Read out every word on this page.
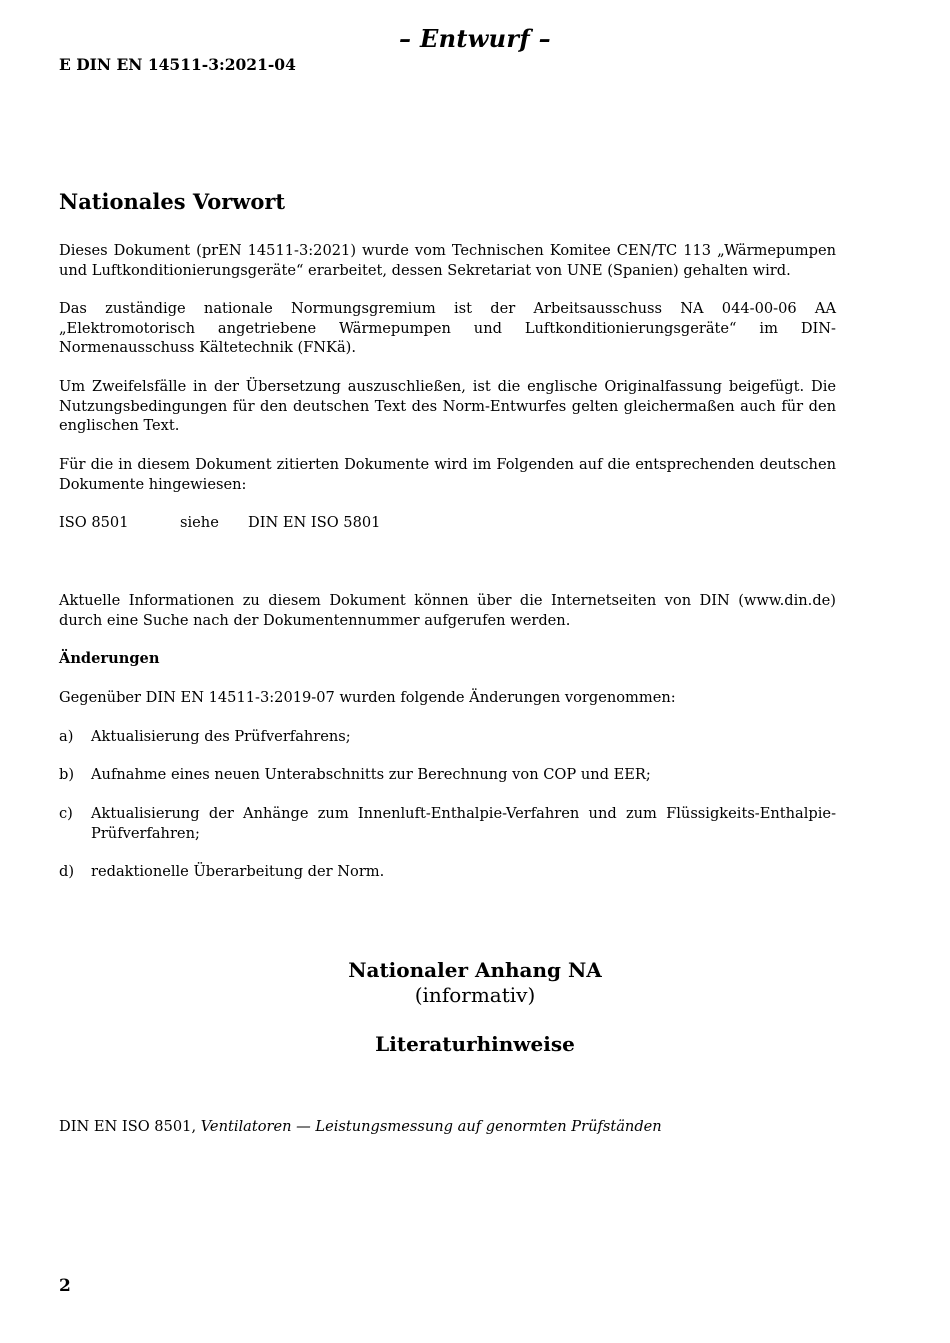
– Entwurf –
E DIN EN 14511-3:2021-04
Nationales Vorwort
Dieses Dokument (prEN 14511-3:2021) wurde vom Technischen Komitee CEN/TC 113 „Wärmepumpen und Luftkonditionierungsgeräte“ erarbeitet, dessen Sekretariat von UNE (Spanien) gehalten wird.
Das zuständige nationale Normungsgremium ist der Arbeitsausschuss NA 044-00-06 AA „Elektromotorisch angetriebene Wärmepumpen und Luftkonditionierungsgeräte“ im DIN-Normenausschuss Kältetechnik (FNKä).
Um Zweifelsfälle in der Übersetzung auszuschließen, ist die englische Originalfassung beigefügt. Die Nutzungsbedingungen für den deutschen Text des Norm-Entwurfes gelten gleichermaßen auch für den englischen Text.
Für die in diesem Dokument zitierten Dokumente wird im Folgenden auf die entsprechenden deutschen Dokumente hingewiesen:
ISO 8501	siehe DIN EN ISO 5801
Aktuelle Informationen zu diesem Dokument können über die Internetseiten von DIN (www.din.de) durch eine Suche nach der Dokumentennummer aufgerufen werden.
Änderungen
Gegenüber DIN EN 14511-3:2019-07 wurden folgende Änderungen vorgenommen:
a) Aktualisierung des Prüfverfahrens;
b) Aufnahme eines neuen Unterabschnitts zur Berechnung von COP und EER;
c) Aktualisierung der Anhänge zum Innenluft-Enthalpie-Verfahren und zum Flüssigkeits-Enthalpie-Prüfverfahren;
d) redaktionelle Überarbeitung der Norm.
Nationaler Anhang NA
(informativ)
Literaturhinweise
DIN EN ISO 8501, Ventilatoren — Leistungsmessung auf genormten Prüfständen
2
